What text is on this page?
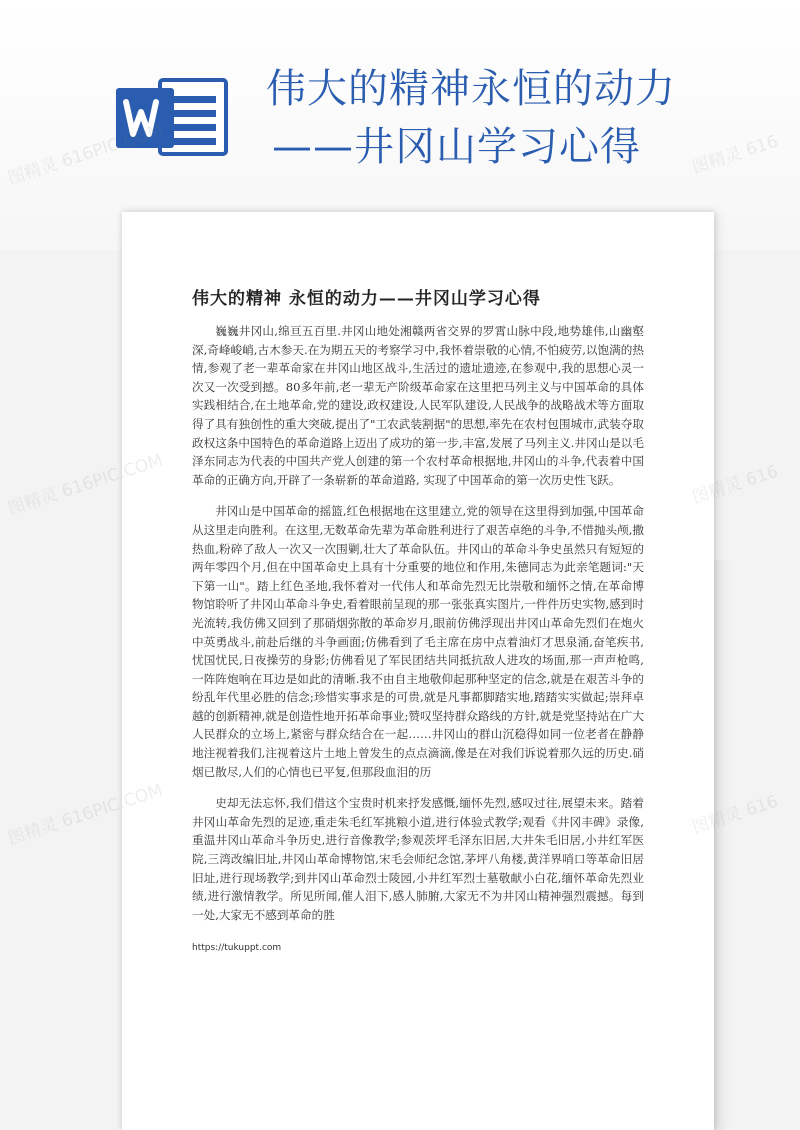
伟大的精神永恒的动力
——井冈山学习心得
伟大的精神 永恒的动力——井冈山学习心得

巍巍井冈山,绵亘五百里.井冈山地处湘赣两省交界的罗霄山脉中段,地势雄伟,山幽壑深,奇峰峻峭,古木参天.在为期五天的考察学习中,我怀着崇敬的心情,不怕疲劳,以饱满的热情,参观了老一辈革命家在井冈山地区战斗,生活过的遗址遗迹,在参观中,我的思想心灵一次又一次受到撼。80多年前,老一辈无产阶级革命家在这里把马列主义与中国革命的具体实践相结合,在土地革命,党的建设,政权建设,人民军队建设,人民战争的战略战术等方面取得了具有独创性的重大突破,提出了"工农武装割据"的思想,率先在农村包围城市,武装夺取政权这条中国特色的革命道路上迈出了成功的第一步,丰富,发展了马列主义.井冈山是以毛泽东同志为代表的中国共产党人创建的第一个农村革命根据地,井冈山的斗争,代表着中国革命的正确方向,开辟了一条崭新的革命道路, 实现了中国革命的第一次历史性飞跃。

井冈山是中国革命的摇篮,红色根据地在这里建立,党的领导在这里得到加强,中国革命从这里走向胜利。在这里,无数革命先辈为革命胜利进行了艰苦卓绝的斗争,不惜抛头颅,撒热血,粉碎了敌人一次又一次围剿,壮大了革命队伍。井冈山的革命斗争史虽然只有短短的两年零四个月,但在中国革命史上具有十分重要的地位和作用,朱德同志为此亲笔题词:"天下第一山"。踏上红色圣地,我怀着对一代伟人和革命先烈无比崇敬和缅怀之情,在革命博物馆聆听了井冈山革命斗争史,看着眼前呈现的那一张张真实图片,一件件历史实物,感到时光流转,我仿佛又回到了那硝烟弥散的革命岁月,眼前仿佛浮现出井冈山革命先烈们在炮火中英勇战斗,前赴后继的斗争画面;仿佛看到了毛主席在房中点着油灯才思泉涌,奋笔疾书,忧国忧民,日夜操劳的身影;仿佛看见了军民团结共同抵抗敌人进攻的场面,那一声声枪鸣,一阵阵炮响在耳边是如此的清晰.我不由自主地敬仰起那种坚定的信念,就是在艰苦斗争的纷乱年代里必胜的信念;珍惜实事求是的可贵,就是凡事都脚踏实地,踏踏实实做起;崇拜卓越的创新精神,就是创造性地开拓革命事业;赞叹坚持群众路线的方针,就是党坚持站在广大人民群众的立场上,紧密与群众结合在一起……井冈山的群山沉稳得如同一位老者在静静地注视着我们,注视着这片土地上曾发生的点点滴滴,像是在对我们诉说着那久远的历史.硝烟已散尽,人们的心情也已平复,但那段血泪的历

史却无法忘怀,我们借这个宝贵时机来抒发感慨,缅怀先烈,感叹过往,展望未来。踏着井冈山革命先烈的足迹,重走朱毛红军挑粮小道,进行体验式教学;观看《井冈丰碑》录像,重温井冈山革命斗争历史,进行音像教学;参观茨坪毛泽东旧居,大井朱毛旧居,小井红军医院,三湾改编旧址,井冈山革命博物馆,宋毛会师纪念馆,茅坪八角楼,黄洋界哨口等革命旧居旧址,进行现场教学;到井冈山革命烈士陵园,小井红军烈士墓敬献小白花,缅怀革命先烈业绩,进行激情教学。所见所闻,催人泪下,感人肺腑,大家无不为井冈山精神强烈震撼。每到一处,大家无不感到革命的胜

https://tukuppt.com
图精灵 616PIC.COM	图精灵 616
图精灵 616PIC.COM	图精灵 616
